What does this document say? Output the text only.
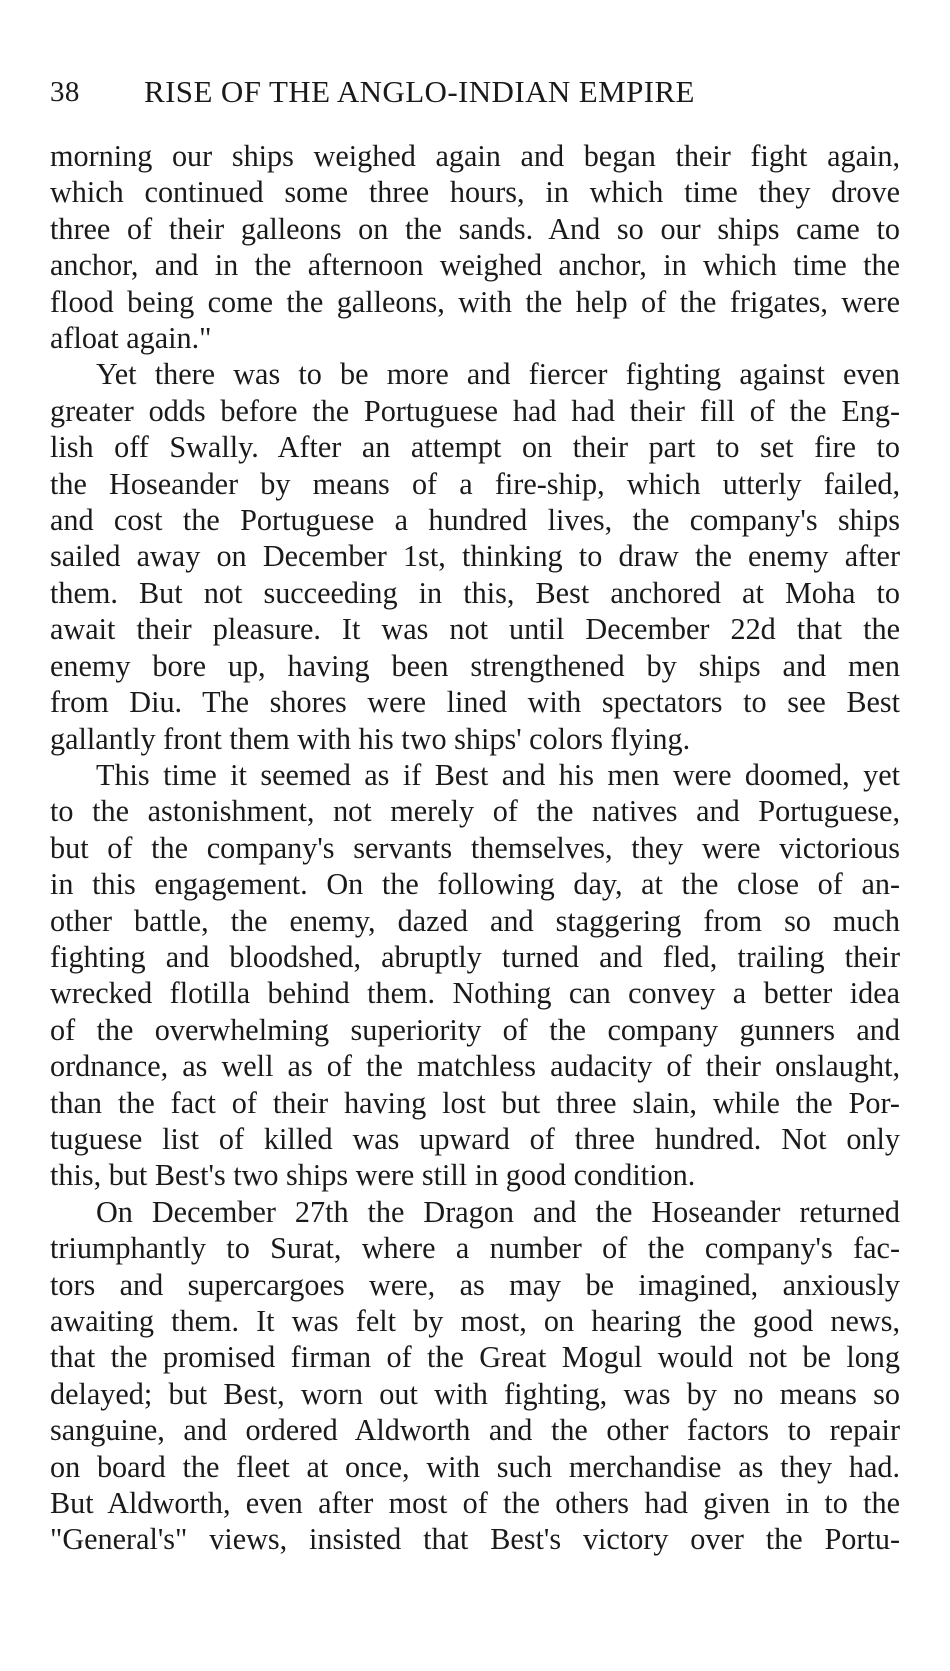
38 RISE OF THE ANGLO-INDIAN EMPIRE
morning our ships weighed again and began their fight again,
which continued some three hours, in which time they drove
three of their galleons on the sands. And so our ships came to
anchor, and in the afternoon weighed anchor, in which time the
flood being come the galleons, with the help of the frigates, were
afloat again."
Yet there was to be more and fiercer fighting against even
greater odds before the Portuguese had had their fill of the Eng-
lish off Swally. After an attempt on their part to set fire to
the Hoseander by means of a fire-ship, which utterly failed,
and cost the Portuguese a hundred lives, the company's ships
sailed away on December 1st, thinking to draw the enemy after
them. But not succeeding in this, Best anchored at Moha to
await their pleasure. It was not until December 22d that the
enemy bore up, having been strengthened by ships and men
from Diu. The shores were lined with spectators to see Best
gallantly front them with his two ships' colors flying.
This time it seemed as if Best and his men were doomed, yet
to the astonishment, not merely of the natives and Portuguese,
but of the company's servants themselves, they were victorious
in this engagement. On the following day, at the close of an-
other battle, the enemy, dazed and staggering from so much
fighting and bloodshed, abruptly turned and fled, trailing their
wrecked flotilla behind them. Nothing can convey a better idea
of the overwhelming superiority of the company gunners and
ordnance, as well as of the matchless audacity of their onslaught,
than the fact of their having lost but three slain, while the Por-
tuguese list of killed was upward of three hundred. Not only
this, but Best's two ships were still in good condition.
On December 27th the Dragon and the Hoseander returned
triumphantly to Surat, where a number of the company's fac-
tors and supercargoes were, as may be imagined, anxiously
awaiting them. It was felt by most, on hearing the good news,
that the promised firman of the Great Mogul would not be long
delayed; but Best, worn out with fighting, was by no means so
sanguine, and ordered Aldworth and the other factors to repair
on board the fleet at once, with such merchandise as they had.
But Aldworth, even after most of the others had given in to the
"General's" views, insisted that Best's victory over the Portu-
